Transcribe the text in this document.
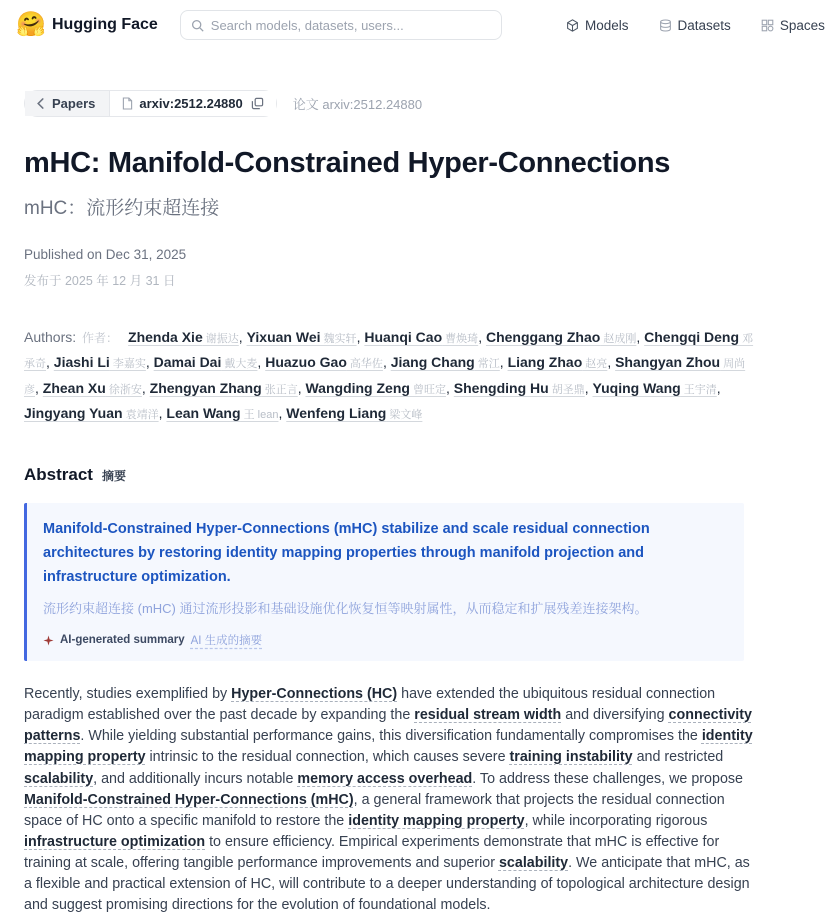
🤗 Hugging Face
Search models, datasets, users...	Models	Datasets	Spaces
Papers	arxiv:2512.24880	论文 arxiv:2512.24880
mHC: Manifold-Constrained Hyper-Connections
mHC：流形约束超连接
Published on Dec 31, 2025
发布于 2025 年 12 月 31 日

Authors: 作者： Zhenda Xie 谢振达, Yixuan Wei 魏实轩, Huanqi Cao 曹焕琦, Chenggang Zhao 赵成刚, Chengqi Deng 邓承奇, Jiashi Li 李嘉实, Damai Dai 戴大麦, Huazuo Gao 高华佐, Jiang Chang 常江, Liang Zhao 赵亮, Shangyan Zhou 周尚彦, Zhean Xu 徐浙安, Zhengyan Zhang 张正言, Wangding Zeng 曾旺定, Shengding Hu 胡圣鼎, Yuqing Wang 王宇清, Jingyang Yuan 袁靖洋, Lean Wang 王 lean, Wenfeng Liang 梁文峰

Abstract 摘要
Manifold-Constrained Hyper-Connections (mHC) stabilize and scale residual connection architectures by restoring identity mapping properties through manifold projection and infrastructure optimization.
流形约束超连接 (mHC) 通过流形投影和基础设施优化恢复恒等映射属性，从而稳定和扩展残差连接架构。
AI-generated summary AI 生成的摘要

Recently, studies exemplified by Hyper-Connections (HC) have extended the ubiquitous residual connection paradigm established over the past decade by expanding the residual stream width and diversifying connectivity patterns. While yielding substantial performance gains, this diversification fundamentally compromises the identity mapping property intrinsic to the residual connection, which causes severe training instability and restricted scalability, and additionally incurs notable memory access overhead. To address these challenges, we propose Manifold-Constrained Hyper-Connections (mHC), a general framework that projects the residual connection space of HC onto a specific manifold to restore the identity mapping property, while incorporating rigorous infrastructure optimization to ensure efficiency. Empirical experiments demonstrate that mHC is effective for training at scale, offering tangible performance improvements and superior scalability. We anticipate that mHC, as a flexible and practical extension of HC, will contribute to a deeper understanding of topological architecture design and suggest promising directions for the evolution of foundational models.
